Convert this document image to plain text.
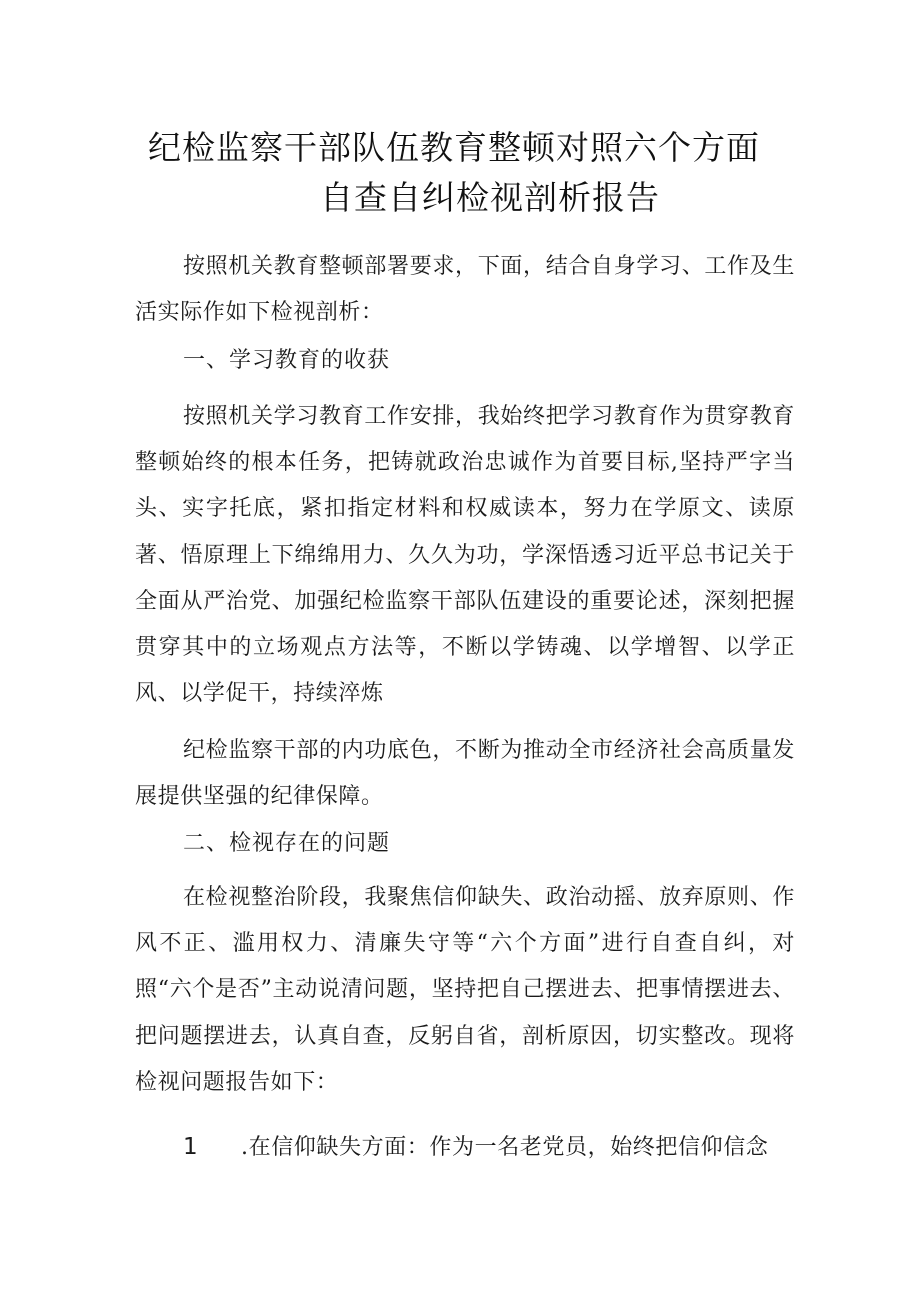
纪检监察干部队伍教育整顿对照六个方面
自查自纠检视剖析报告
按照机关教育整顿部署要求，下面，结合自身学习、工作及生活实际作如下检视剖析：
一、学习教育的收获
按照机关学习教育工作安排，我始终把学习教育作为贯穿教育整顿始终的根本任务，把铸就政治忠诚作为首要目标,坚持严字当头、实字托底，紧扣指定材料和权威读本，努力在学原文、读原著、悟原理上下绵绵用力、久久为功，学深悟透习近平总书记关于全面从严治党、加强纪检监察干部队伍建设的重要论述，深刻把握贯穿其中的立场观点方法等，不断以学铸魂、以学增智、以学正风、以学促干，持续淬炼
纪检监察干部的内功底色，不断为推动全市经济社会高质量发展提供坚强的纪律保障。
二、检视存在的问题
在检视整治阶段，我聚焦信仰缺失、政治动摇、放弃原则、作风不正、滥用权力、清廉失守等“六个方面”进行自查自纠，对照“六个是否”主动说清问题，坚持把自己摆进去、把事情摆进去、把问题摆进去，认真自查，反躬自省，剖析原因，切实整改。现将检视问题报告如下：
1 .在信仰缺失方面：作为一名老党员，始终把信仰信念
